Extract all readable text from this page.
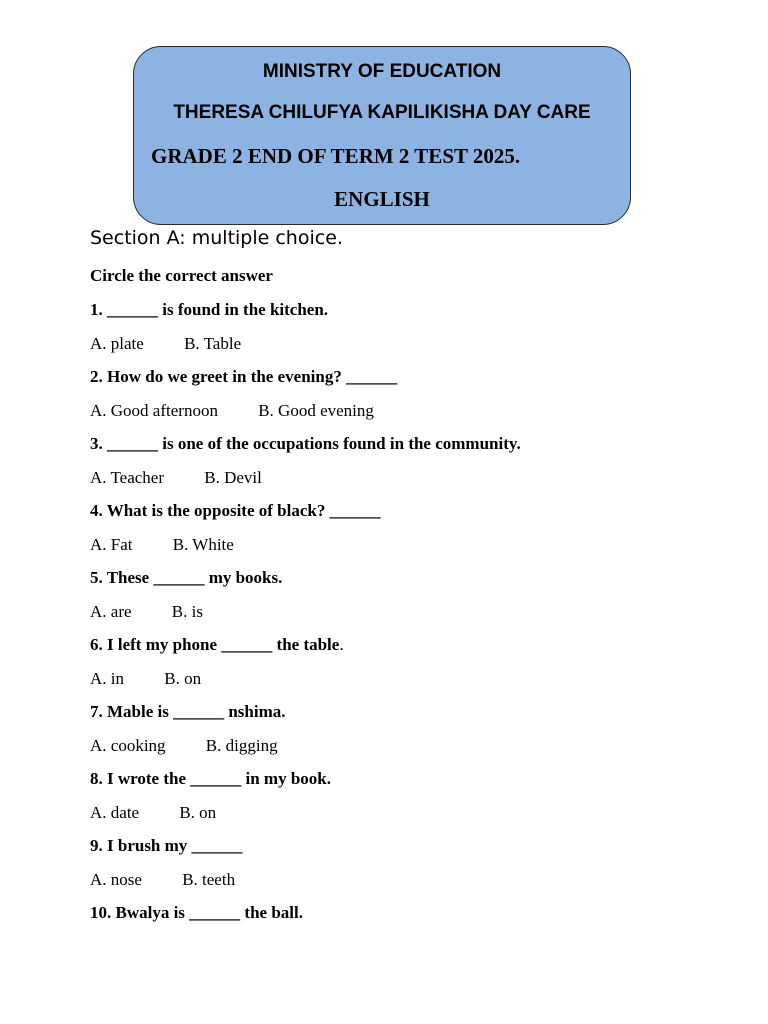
MINISTRY OF EDUCATION
THERESA CHILUFYA KAPILIKISHA DAY CARE
GRADE 2 END OF TERM 2 TEST 2025.
ENGLISH
Section A: multiple choice.
Circle the correct answer
1. ______ is found in the kitchen.
A. plate B. Table
2. How do we greet in the evening? ______
A. Good afternoon B. Good evening
3. ______ is one of the occupations found in the community.
A. Teacher B. Devil
4. What is the opposite of black? ______
A. Fat B. White
5. These ______ my books.
A. are B. is
6. I left my phone ______ the table.
A. in B. on
7. Mable is ______ nshima.
A. cooking B. digging
8. I wrote the ______ in my book.
A. date B. on
9. I brush my ______
A. nose B. teeth
10. Bwalya is ______ the ball.
